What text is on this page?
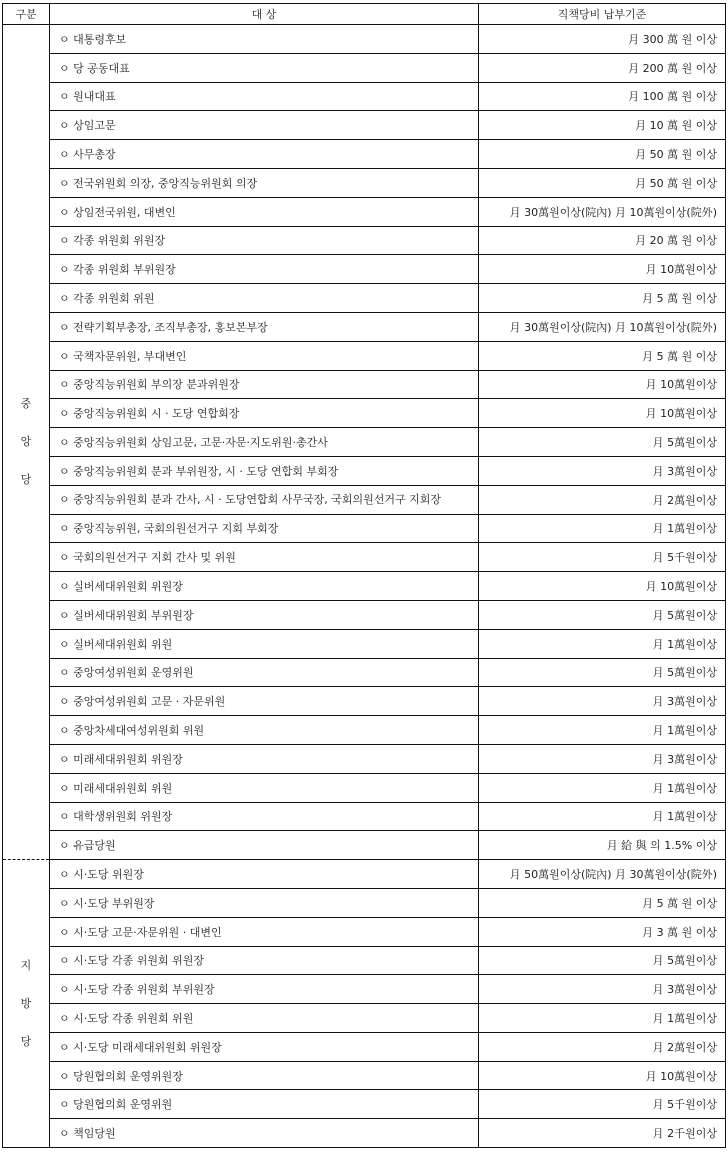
구분	대 상	직책당비 납부기준

중
앙
당	ㅇ 대통령후보	月 300 萬 원 이상
	ㅇ 당 공동대표	月 200 萬 원 이상
	ㅇ 원내대표	月 100 萬 원 이상
	ㅇ 상임고문	月 10 萬 원 이상
	ㅇ 사무총장	月 50 萬 원 이상
	ㅇ 전국위원회 의장, 중앙직능위원회 의장	月 50 萬 원 이상
	ㅇ 상임전국위원, 대변인	月 30萬원이상(院內) 月 10萬원이상(院外)
	ㅇ 각종 위원회 위원장	月 20 萬 원 이상
	ㅇ 각종 위원회 부위원장	月 10萬원이상
	ㅇ 각종 위원회 위원	月 5 萬 원 이상
	ㅇ 전략기획부총장, 조직부총장, 홍보본부장	月 30萬원이상(院內) 月 10萬원이상(院外)
	ㅇ 국책자문위원, 부대변인	月 5 萬 원 이상
	ㅇ 중앙직능위원회 부의장 분과위원장	月 10萬원이상
	ㅇ 중앙직능위원회 시 · 도당 연합회장	月 10萬원이상
	ㅇ 중앙직능위원회 상임고문, 고문·자문·지도위원·총간사	月 5萬원이상
	ㅇ 중앙직능위원회 분과 부위원장, 시 · 도당 연합회 부회장	月 3萬원이상
	ㅇ 중앙직능위원회 분과 간사, 시 · 도당연합회 사무국장, 국회의원선거구 지회장	月 2萬원이상
	ㅇ 중앙직능위원, 국회의원선거구 지회 부회장	月 1萬원이상
	ㅇ 국회의원선거구 지회 간사 및 위원	月 5千원이상
	ㅇ 실버세대위원회 위원장	月 10萬원이상
	ㅇ 실버세대위원회 부위원장	月 5萬원이상
	ㅇ 실버세대위원회 위원	月 1萬원이상
	ㅇ 중앙여성위원회 운영위원	月 5萬원이상
	ㅇ 중앙여성위원회 고문 · 자문위원	月 3萬원이상
	ㅇ 중앙차세대여성위원회 위원	月 1萬원이상
	ㅇ 미래세대위원회 위원장	月 3萬원이상
	ㅇ 미래세대위원회 위원	月 1萬원이상
	ㅇ 대학생위원회 위원장	月 1萬원이상
	ㅇ 유급당원	月 給 與 의 1.5% 이상

지
방
당	ㅇ 시·도당 위원장	月 50萬원이상(院內) 月 30萬원이상(院外)
	ㅇ 시·도당 부위원장	月 5 萬 원 이상
	ㅇ 시·도당 고문·자문위원 · 대변인	月 3 萬 원 이상
	ㅇ 시·도당 각종 위원회 위원장	月 5萬원이상
	ㅇ 시·도당 각종 위원회 부위원장	月 3萬원이상
	ㅇ 시·도당 각종 위원회 위원	月 1萬원이상
	ㅇ 시·도당 미래세대위원회 위원장	月 2萬원이상
	ㅇ 당원협의회 운영위원장	月 10萬원이상
	ㅇ 당원협의회 운영위원	月 5千원이상
	ㅇ 책임당원	月 2千원이상
